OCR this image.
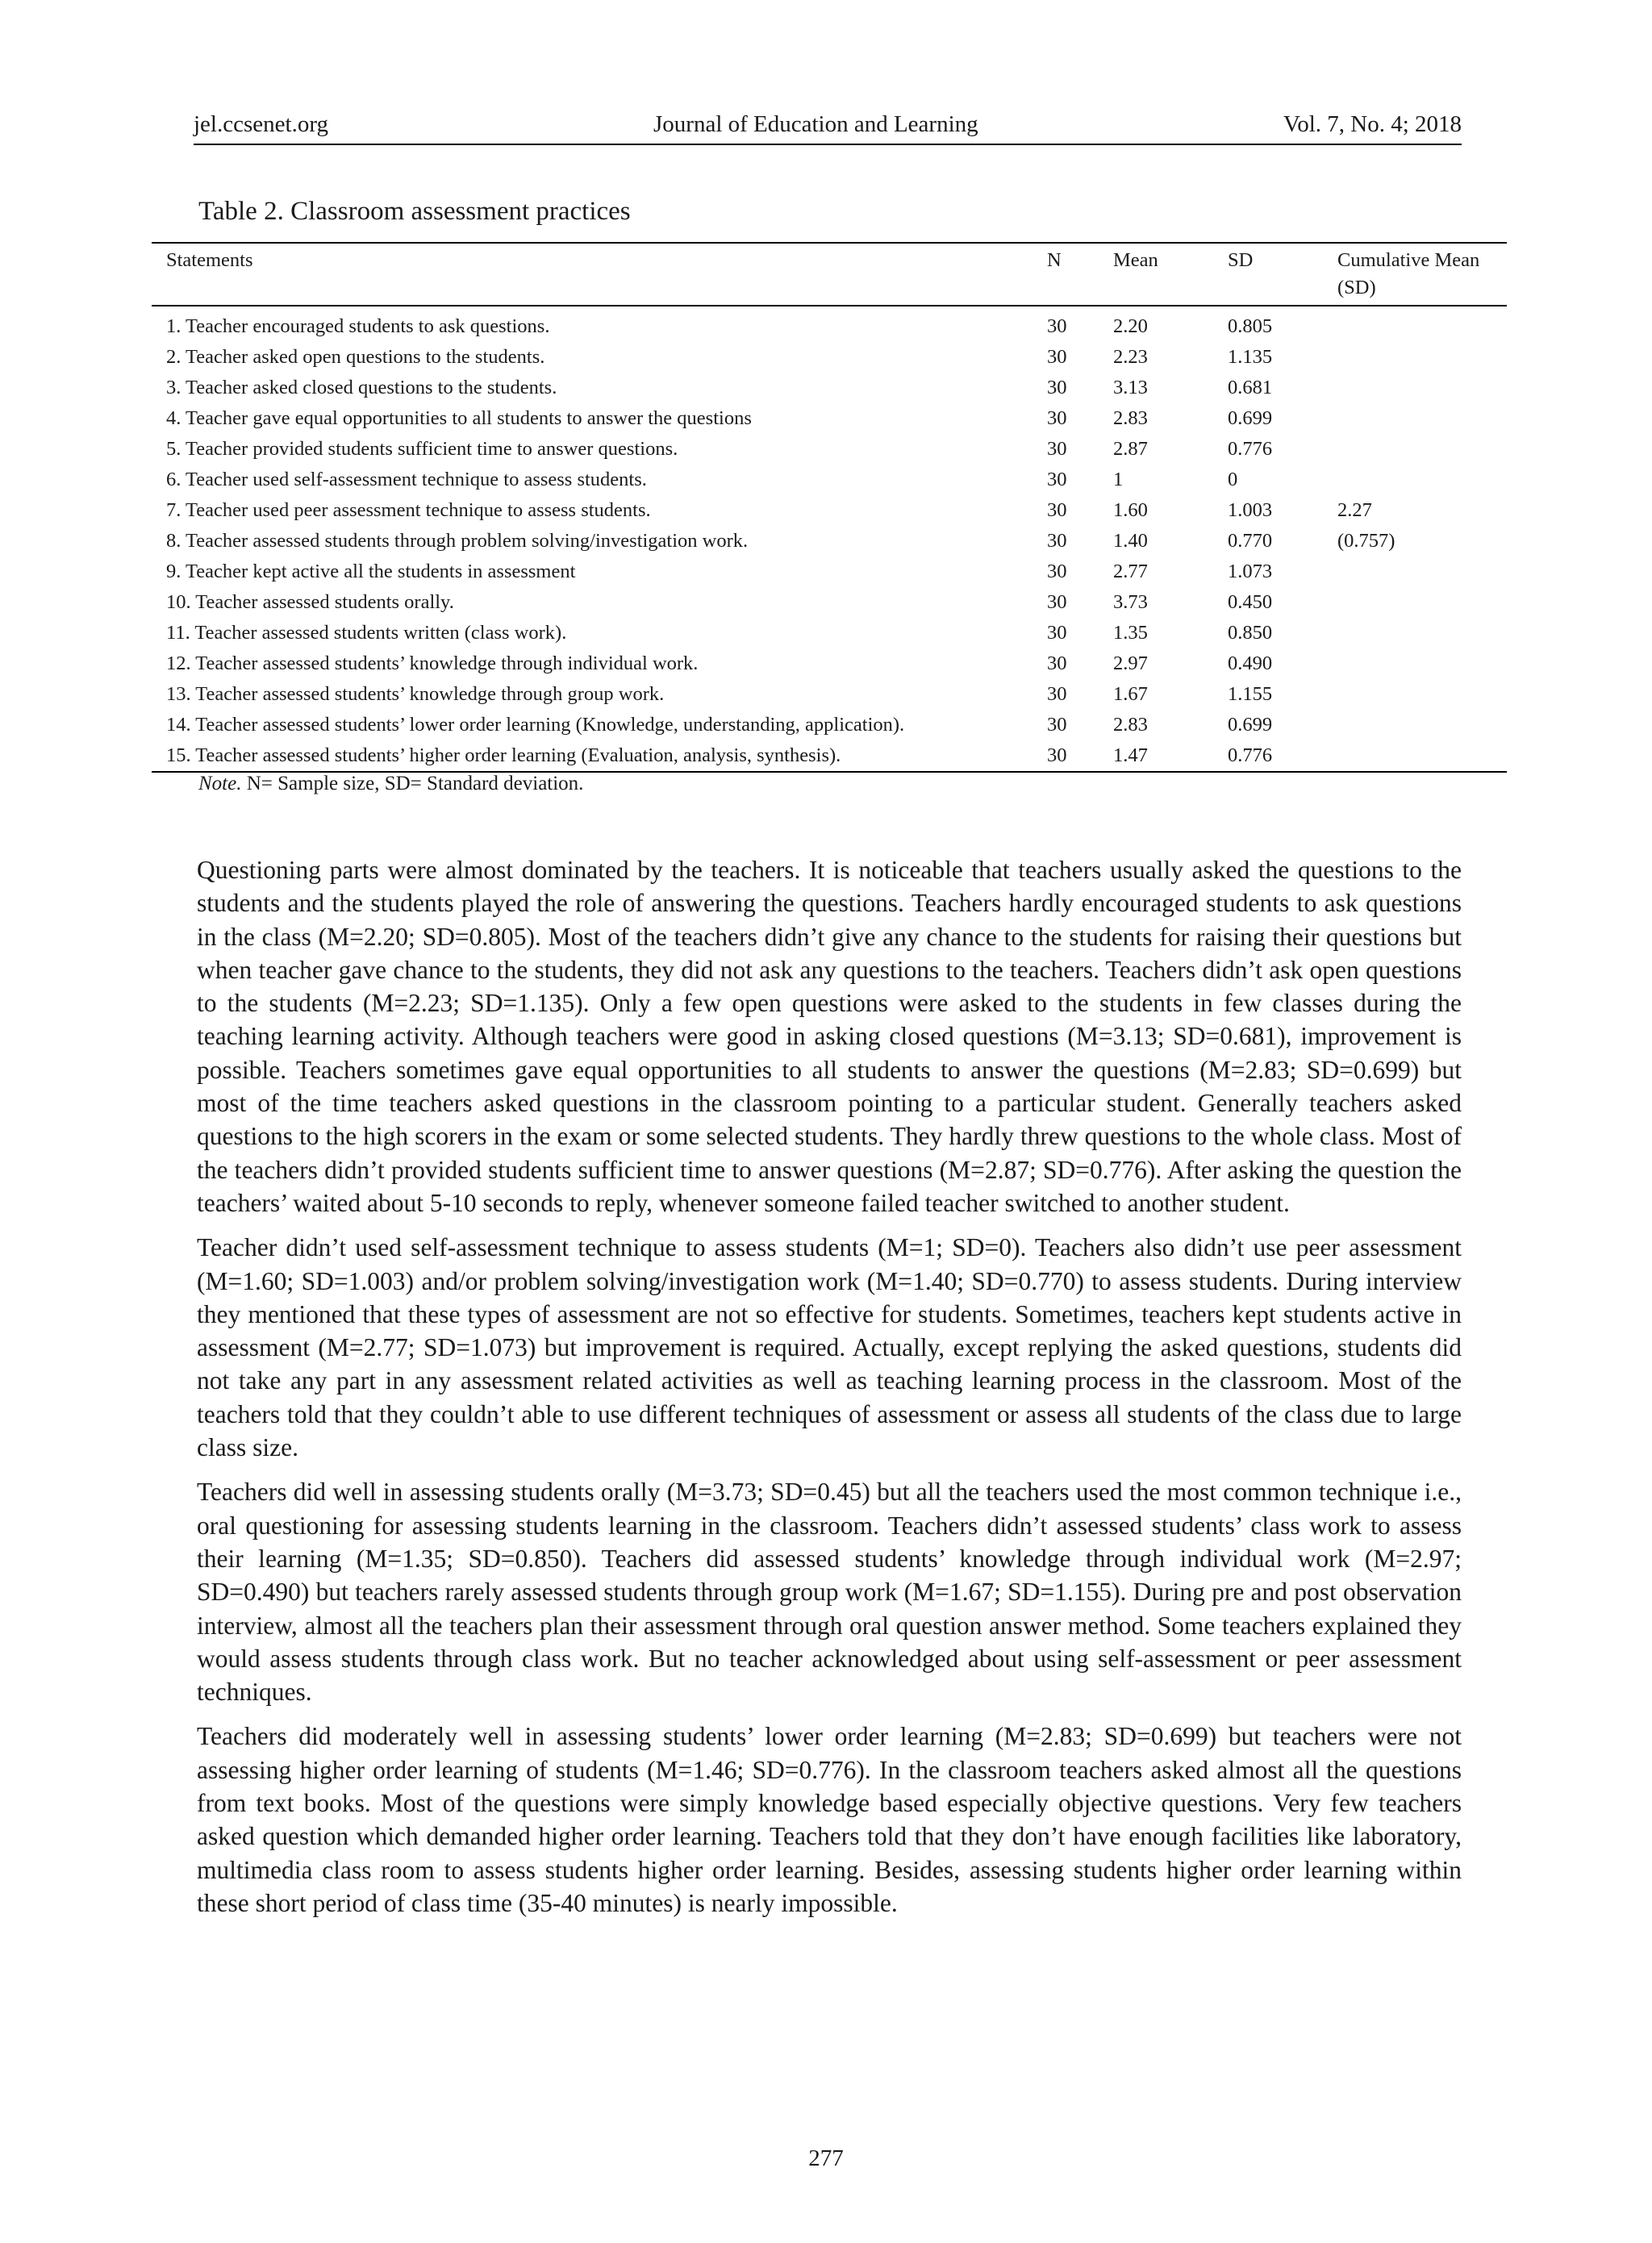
jel.ccsenet.org	Journal of Education and Learning	Vol. 7, No. 4; 2018
Table 2. Classroom assessment practices
Statements	N	Mean	SD	Cumulative Mean (SD)
1. Teacher encouraged students to ask questions.	30	2.20	0.805	
2. Teacher asked open questions to the students.	30	2.23	1.135	
3. Teacher asked closed questions to the students.	30	3.13	0.681	
4. Teacher gave equal opportunities to all students to answer the questions	30	2.83	0.699	
5. Teacher provided students sufficient time to answer questions.	30	2.87	0.776	
6. Teacher used self-assessment technique to assess students.	30	1	0	
7. Teacher used peer assessment technique to assess students.	30	1.60	1.003	2.27
8. Teacher assessed students through problem solving/investigation work.	30	1.40	0.770	(0.757)
9. Teacher kept active all the students in assessment	30	2.77	1.073	
10. Teacher assessed students orally.	30	3.73	0.450	
11. Teacher assessed students written (class work).	30	1.35	0.850	
12. Teacher assessed students’ knowledge through individual work.	30	2.97	0.490	
13. Teacher assessed students’ knowledge through group work.	30	1.67	1.155	
14. Teacher assessed students’ lower order learning (Knowledge, understanding, application).	30	2.83	0.699	
15. Teacher assessed students’ higher order learning (Evaluation, analysis, synthesis).	30	1.47	0.776	
Note. N= Sample size, SD= Standard deviation.

Questioning parts were almost dominated by the teachers. It is noticeable that teachers usually asked the questions to the students and the students played the role of answering the questions. Teachers hardly encouraged students to ask questions in the class (M=2.20; SD=0.805). Most of the teachers didn’t give any chance to the students for raising their questions but when teacher gave chance to the students, they did not ask any questions to the teachers. Teachers didn’t ask open questions to the students (M=2.23; SD=1.135). Only a few open questions were asked to the students in few classes during the teaching learning activity. Although teachers were good in asking closed questions (M=3.13; SD=0.681), improvement is possible. Teachers sometimes gave equal opportunities to all students to answer the questions (M=2.83; SD=0.699) but most of the time teachers asked questions in the classroom pointing to a particular student. Generally teachers asked questions to the high scorers in the exam or some selected students. They hardly threw questions to the whole class. Most of the teachers didn’t provided students sufficient time to answer questions (M=2.87; SD=0.776). After asking the question the teachers’ waited about 5-10 seconds to reply, whenever someone failed teacher switched to another student.

Teacher didn’t used self-assessment technique to assess students (M=1; SD=0). Teachers also didn’t use peer assessment (M=1.60; SD=1.003) and/or problem solving/investigation work (M=1.40; SD=0.770) to assess students. During interview they mentioned that these types of assessment are not so effective for students. Sometimes, teachers kept students active in assessment (M=2.77; SD=1.073) but improvement is required. Actually, except replying the asked questions, students did not take any part in any assessment related activities as well as teaching learning process in the classroom. Most of the teachers told that they couldn’t able to use different techniques of assessment or assess all students of the class due to large class size.

Teachers did well in assessing students orally (M=3.73; SD=0.45) but all the teachers used the most common technique i.e., oral questioning for assessing students learning in the classroom. Teachers didn’t assessed students’ class work to assess their learning (M=1.35; SD=0.850). Teachers did assessed students’ knowledge through individual work (M=2.97; SD=0.490) but teachers rarely assessed students through group work (M=1.67; SD=1.155). During pre and post observation interview, almost all the teachers plan their assessment through oral question answer method. Some teachers explained they would assess students through class work. But no teacher acknowledged about using self-assessment or peer assessment techniques.

Teachers did moderately well in assessing students’ lower order learning (M=2.83; SD=0.699) but teachers were not assessing higher order learning of students (M=1.46; SD=0.776). In the classroom teachers asked almost all the questions from text books. Most of the questions were simply knowledge based especially objective questions. Very few teachers asked question which demanded higher order learning. Teachers told that they don’t have enough facilities like laboratory, multimedia class room to assess students higher order learning. Besides, assessing students higher order learning within these short period of class time (35-40 minutes) is nearly impossible.

277
